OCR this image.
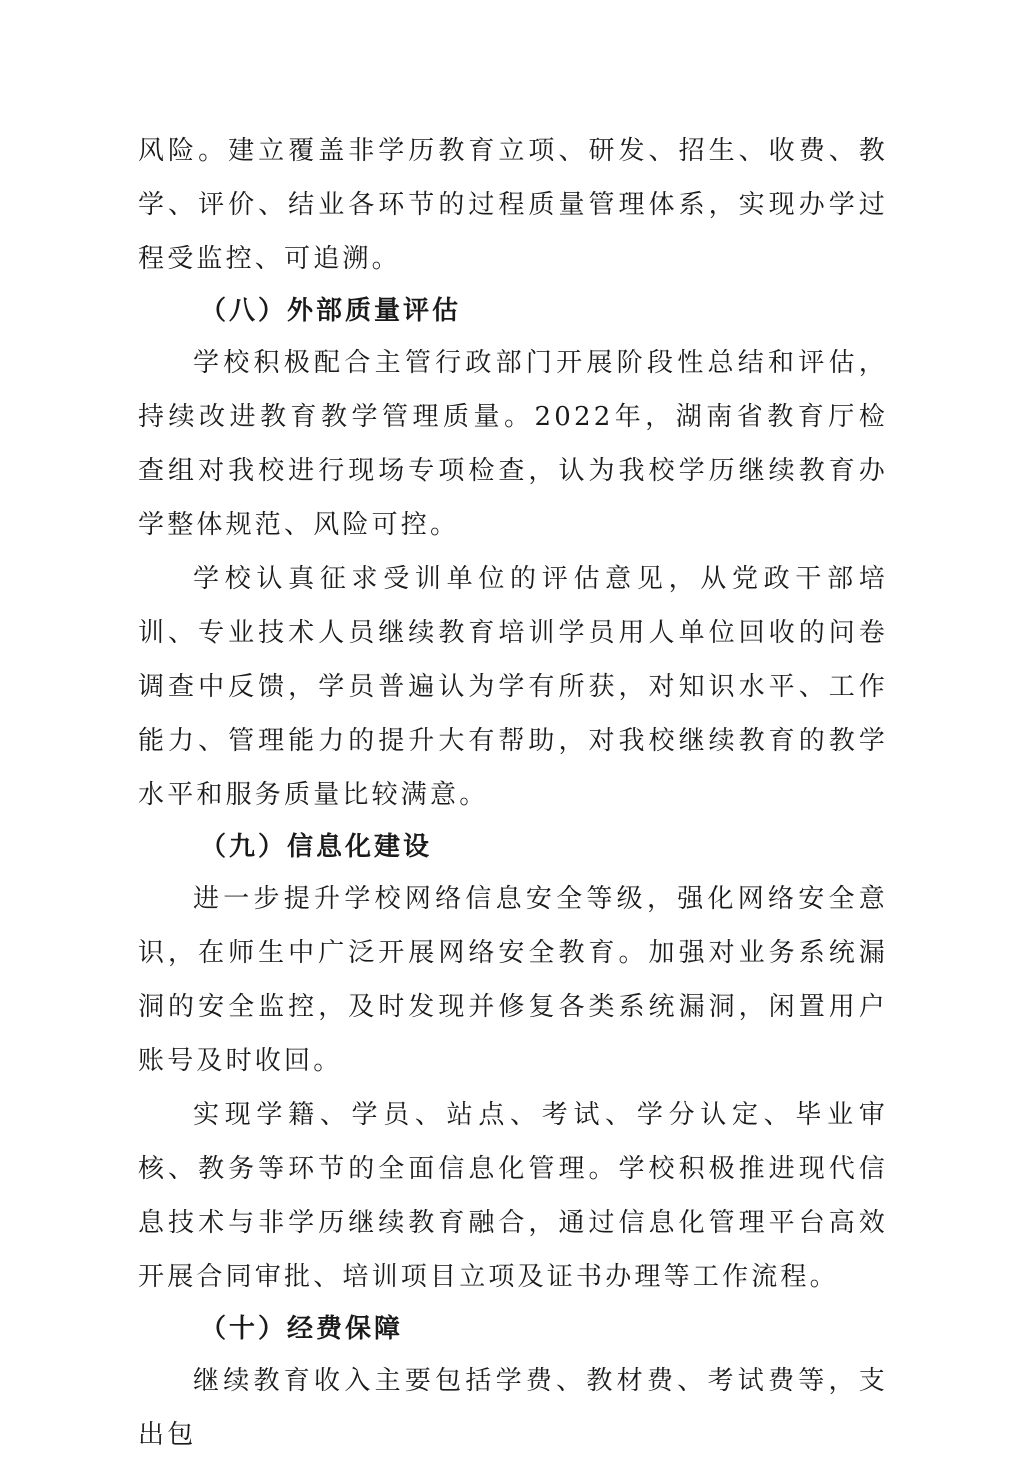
风险。建立覆盖非学历教育立项、研发、招生、收费、教学、评价、结业各环节的过程质量管理体系，实现办学过程受监控、可追溯。

（八）外部质量评估

学校积极配合主管行政部门开展阶段性总结和评估，持续改进教育教学管理质量。2022年，湖南省教育厅检查组对我校进行现场专项检查，认为我校学历继续教育办学整体规范、风险可控。

学校认真征求受训单位的评估意见，从党政干部培训、专业技术人员继续教育培训学员用人单位回收的问卷调查中反馈，学员普遍认为学有所获，对知识水平、工作能力、管理能力的提升大有帮助，对我校继续教育的教学水平和服务质量比较满意。

（九）信息化建设

进一步提升学校网络信息安全等级，强化网络安全意识，在师生中广泛开展网络安全教育。加强对业务系统漏洞的安全监控，及时发现并修复各类系统漏洞，闲置用户账号及时收回。

实现学籍、学员、站点、考试、学分认定、毕业审核、教务等环节的全面信息化管理。学校积极推进现代信息技术与非学历继续教育融合，通过信息化管理平台高效开展合同审批、培训项目立项及证书办理等工作流程。

（十）经费保障

继续教育收入主要包括学费、教材费、考试费等，支出包
